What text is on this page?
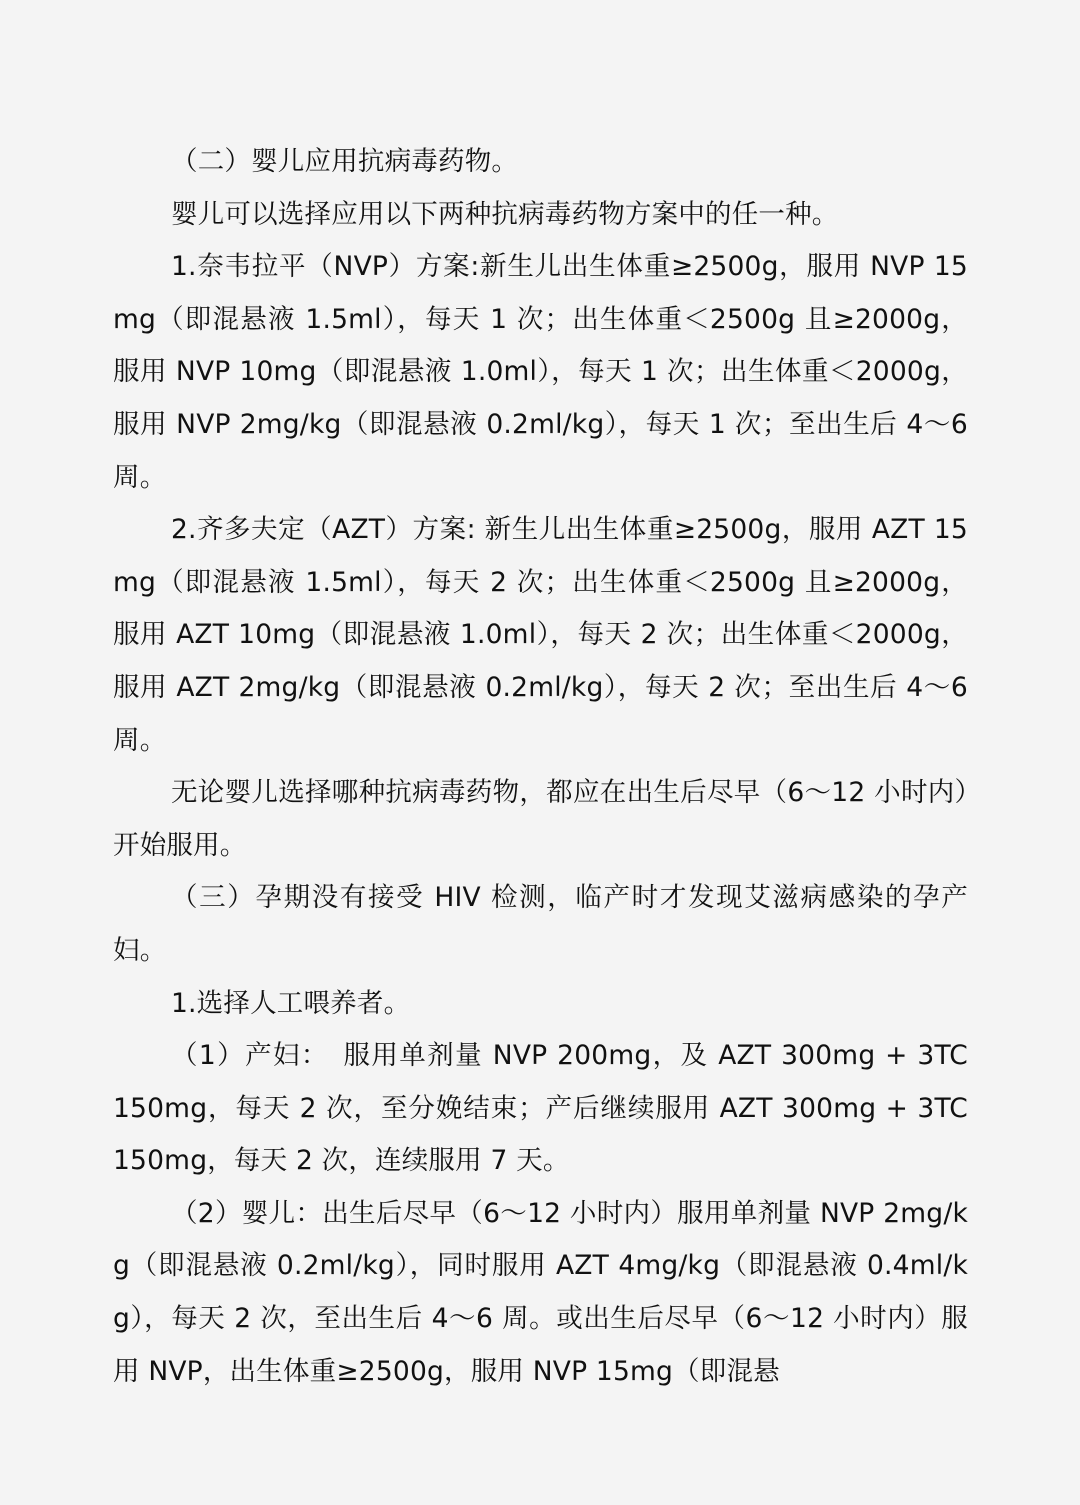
（二）婴儿应用抗病毒药物。

婴儿可以选择应用以下两种抗病毒药物方案中的任一种。

1.奈韦拉平（NVP）方案:新生儿出生体重≥2500g，服用 NVP 15mg（即混悬液 1.5ml），每天 1 次；出生体重＜2500g 且≥2000g，服用 NVP 10mg（即混悬液 1.0ml），每天 1 次；出生体重＜2000g，服用 NVP 2mg/kg（即混悬液 0.2ml/kg），每天 1 次；至出生后 4～6 周。

2.齐多夫定（AZT）方案: 新生儿出生体重≥2500g，服用 AZT 15mg（即混悬液 1.5ml），每天 2 次；出生体重＜2500g 且≥2000g，服用 AZT 10mg（即混悬液 1.0ml），每天 2 次；出生体重＜2000g，服用 AZT 2mg/kg（即混悬液 0.2ml/kg），每天 2 次；至出生后 4～6 周。

无论婴儿选择哪种抗病毒药物，都应在出生后尽早（6～12 小时内）开始服用。

（三）孕期没有接受 HIV 检测，临产时才发现艾滋病感染的孕产妇。

1.选择人工喂养者。

（1）产妇：　服用单剂量 NVP 200mg，及 AZT 300mg + 3TC 150mg，每天 2 次，至分娩结束；产后继续服用 AZT 300mg + 3TC 150mg，每天 2 次，连续服用 7 天。

（2）婴儿：出生后尽早（6～12 小时内）服用单剂量 NVP 2mg/kg（即混悬液 0.2ml/kg），同时服用 AZT 4mg/kg（即混悬液 0.4ml/kg），每天 2 次，至出生后 4～6 周。或出生后尽早（6～12 小时内）服用 NVP，出生体重≥2500g，服用 NVP 15mg（即混悬
